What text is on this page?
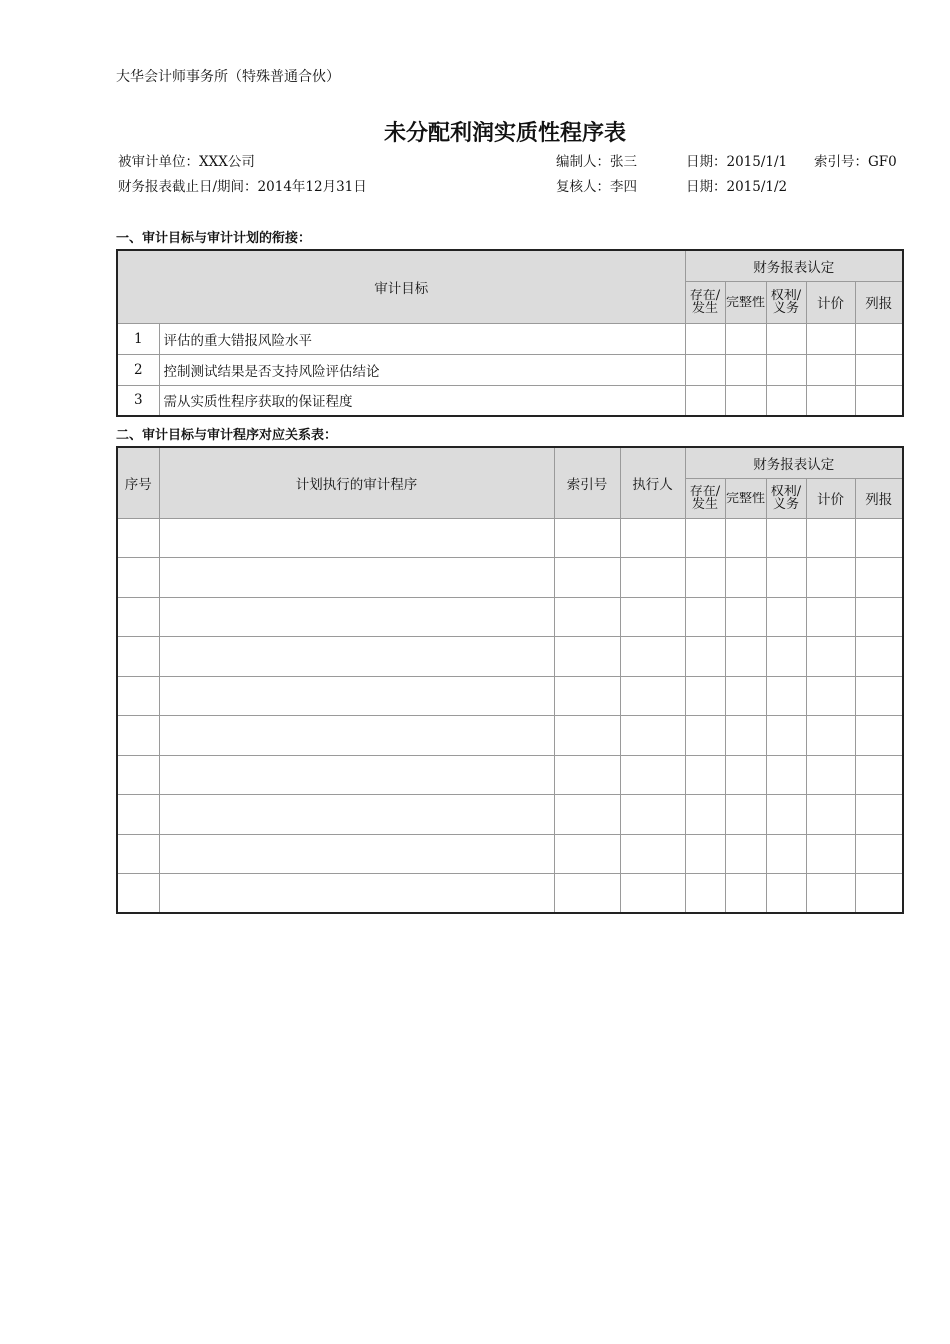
大华会计师事务所（特殊普通合伙）
未分配利润实质性程序表
被审计单位：XXX公司	编制人：张三	日期：2015/1/1 索引号：GF0
财务报表截止日/期间：2014年12月31日	复核人：李四	日期：2015/1/2
一、审计目标与审计计划的衔接：
审计目标		财务报表认定				

		存在/发生	完整性	权利/义务	计价	列报
1	评估的重大错报风险水平					
2	控制测试结果是否支持风险评估结论					
3	需从实质性程序获取的保证程度					
二、审计目标与审计程序对应关系表：
序号	计划执行的审计程序	索引号	执行人	财务报表认定				

				存在/发生	完整性	权利/义务	计价	列报
